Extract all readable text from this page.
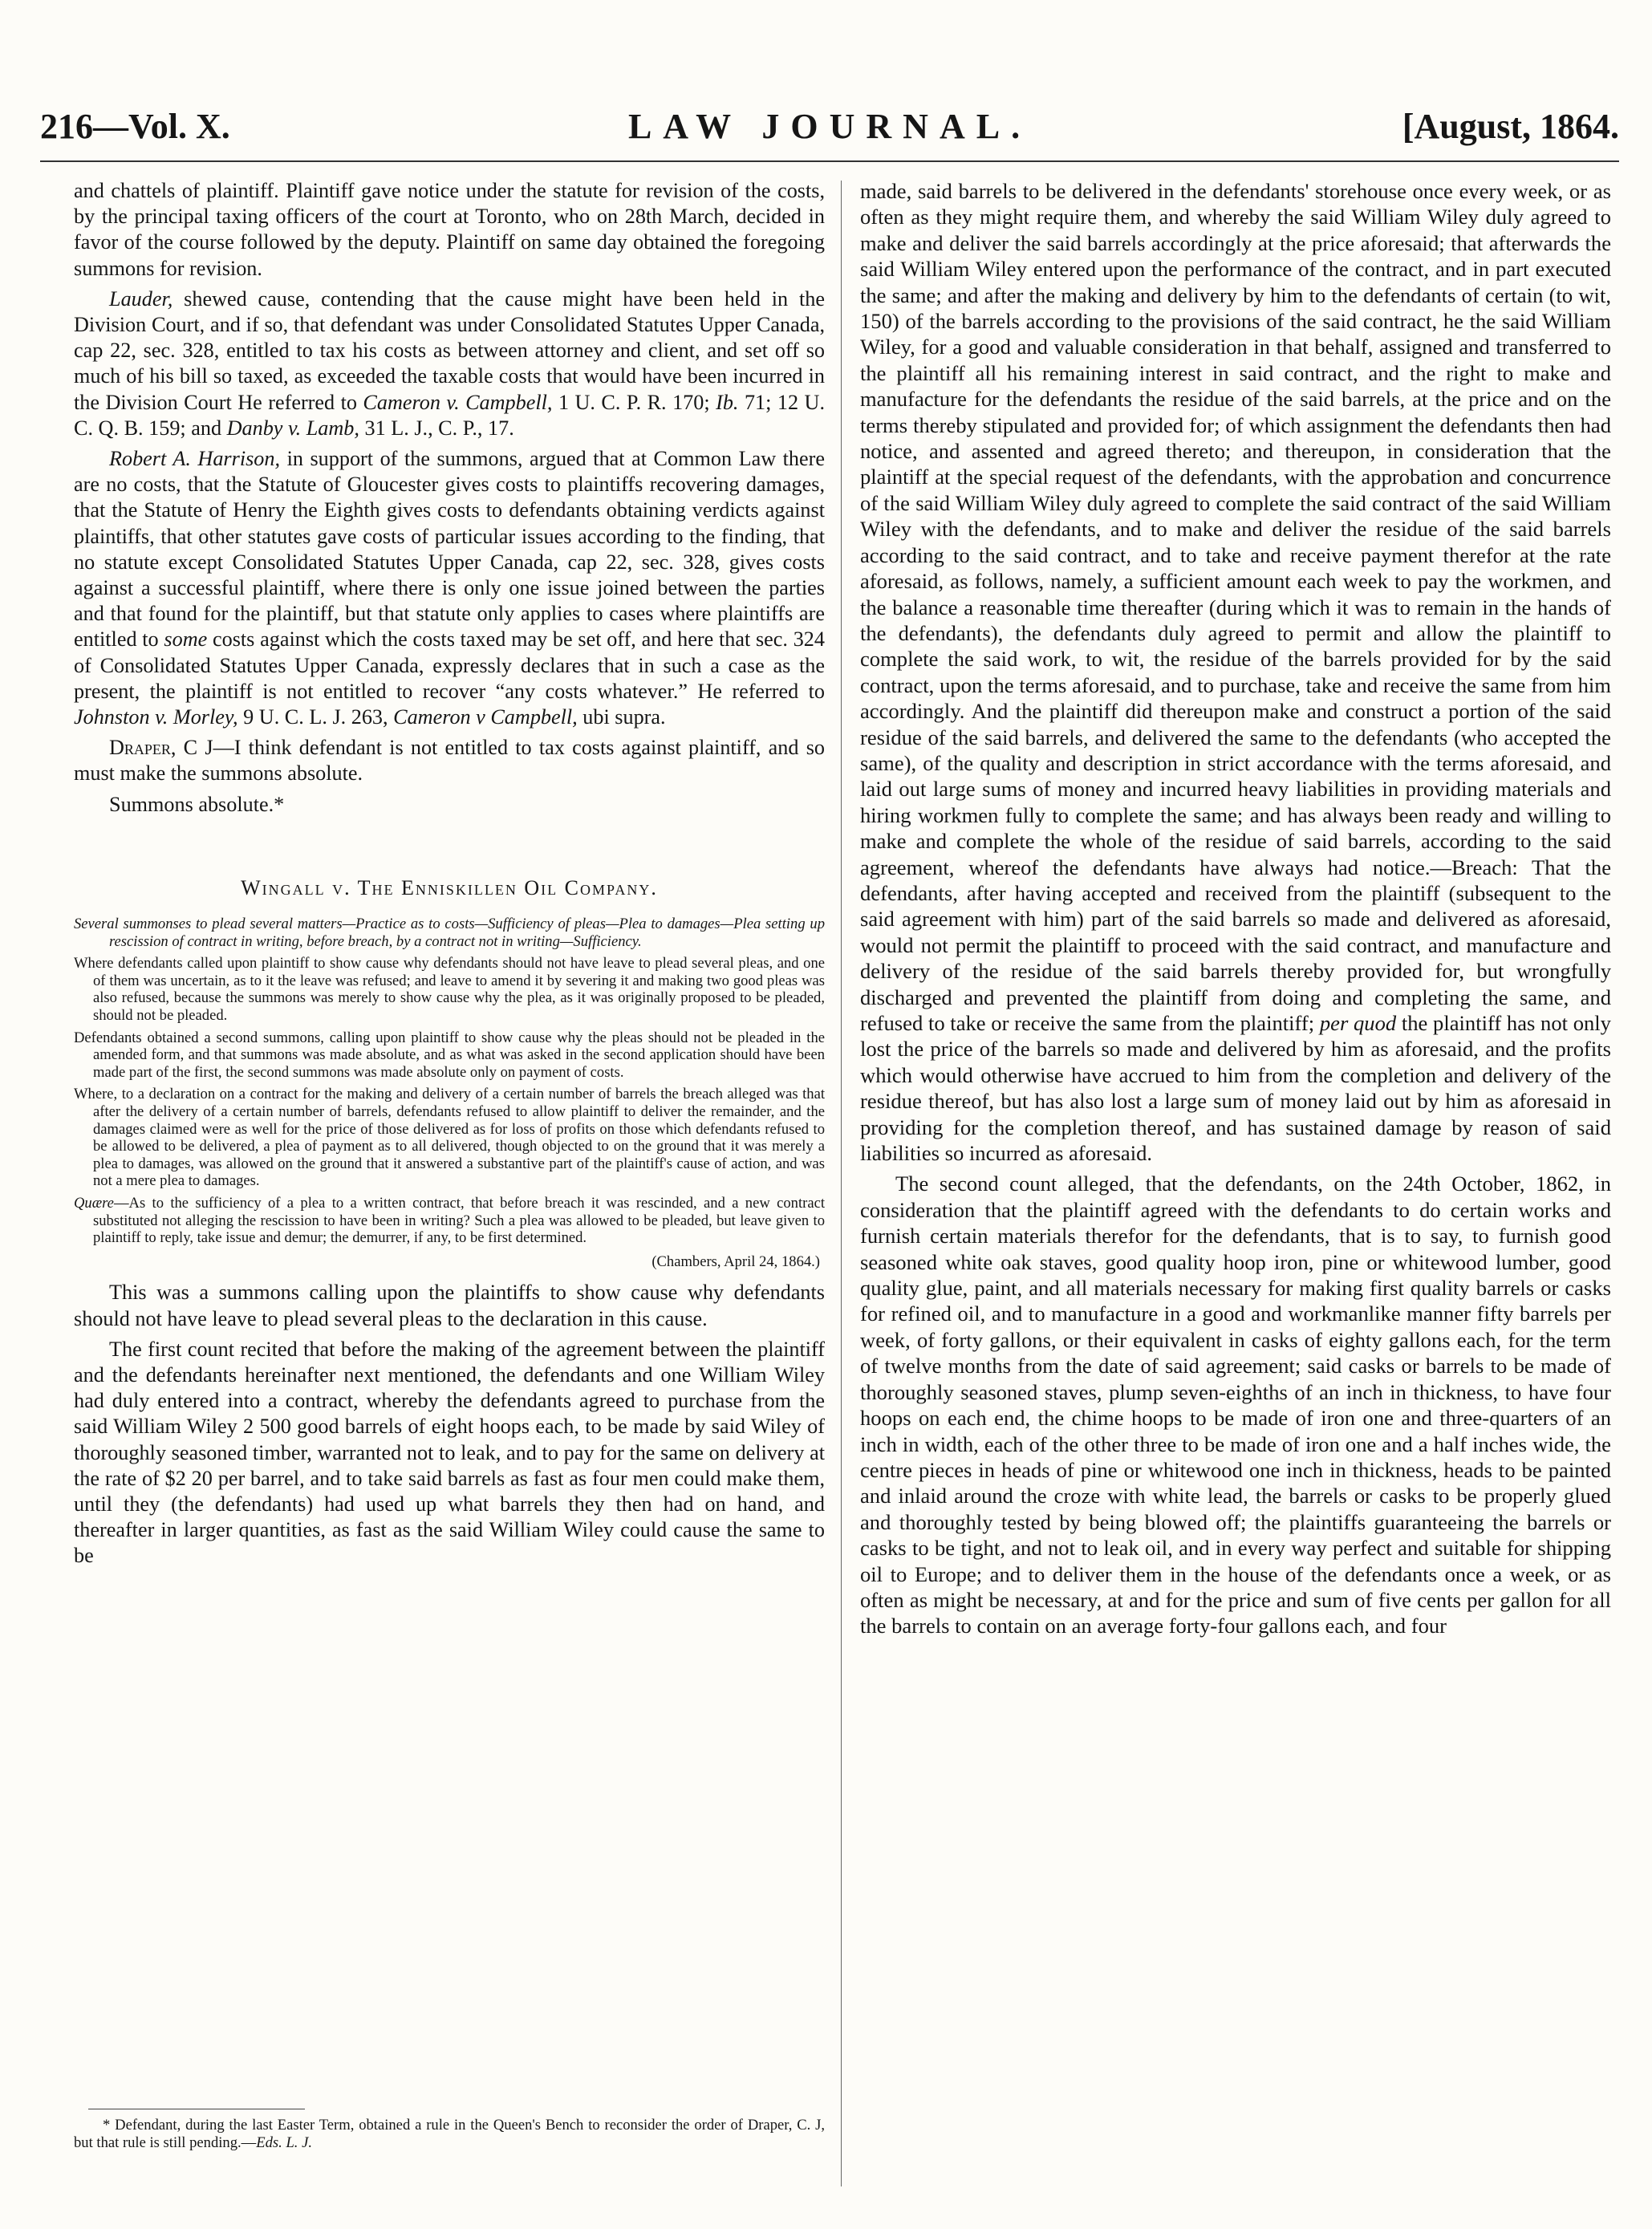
216—Vol. X.	LAW JOURNAL.	[August, 1864.

and chattels of plaintiff. Plaintiff gave notice under the statute for revision of the costs, by the principal taxing officers of the court at Toronto, who on 28th March, decided in favor of the course followed by the deputy. Plaintiff on same day obtained the foregoing summons for revision.

Lauder, shewed cause, contending that the cause might have been held in the Division Court, and if so, that defendant was under Consolidated Statutes Upper Canada, cap 22, sec. 328, entitled to tax his costs as between attorney and client, and set off so much of his bill so taxed, as exceeded the taxable costs that would have been incurred in the Division Court He referred to Cameron v. Campbell, 1 U. C. P. R. 170; Ib. 71; 12 U. C. Q. B. 159; and Danby v. Lamb, 31 L. J., C. P., 17.

Robert A. Harrison, in support of the summons, argued that at Common Law there are no costs, that the Statute of Gloucester gives costs to plaintiffs recovering damages, that the Statute of Henry the Eighth gives costs to defendants obtaining verdicts against plaintiffs, that other statutes gave costs of particular issues according to the finding, that no statute except Consolidated Statutes Upper Canada, cap 22, sec. 328, gives costs against a successful plaintiff, where there is only one issue joined between the parties and that found for the plaintiff, but that statute only applies to cases where plaintiffs are entitled to some costs against which the costs taxed may be set off, and here that sec. 324 of Consolidated Statutes Upper Canada, expressly declares that in such a case as the present, the plaintiff is not entitled to recover “any costs whatever.” He referred to Johnston v. Morley, 9 U. C. L. J. 263, Cameron v Campbell, ubi supra.

Draper, C J—I think defendant is not entitled to tax costs against plaintiff, and so must make the summons absolute.

Summons absolute.*

Wingall v. The Enniskillen Oil Company.
Several summonses to plead several matters—Practice as to costs—Sufficiency of pleas—Plea to damages—Plea setting up rescission of contract in writing, before breach, by a contract not in writing—Sufficiency.
Where defendants called upon plaintiff to show cause why defendants should not have leave to plead several pleas, and one of them was uncertain, as to it the leave was refused; and leave to amend it by severing it and making two good pleas was also refused, because the summons was merely to show cause why the plea, as it was originally proposed to be pleaded, should not be pleaded.
Defendants obtained a second summons, calling upon plaintiff to show cause why the pleas should not be pleaded in the amended form, and that summons was made absolute, and as what was asked in the second application should have been made part of the first, the second summons was made absolute only on payment of costs.
Where, to a declaration on a contract for the making and delivery of a certain number of barrels the breach alleged was that after the delivery of a certain number of barrels, defendants refused to allow plaintiff to deliver the remainder, and the damages claimed were as well for the price of those delivered as for loss of profits on those which defendants refused to be allowed to be delivered, a plea of payment as to all delivered, though objected to on the ground that it was merely a plea to damages, was allowed on the ground that it answered a substantive part of the plaintiff's cause of action, and was not a mere plea to damages.
Quære—As to the sufficiency of a plea to a written contract, that before breach it was rescinded, and a new contract substituted not alleging the rescission to have been in writing? Such a plea was allowed to be pleaded, but leave given to plaintiff to reply, take issue and demur; the demurrer, if any, to be first determined.
(Chambers, April 24, 1864.)

This was a summons calling upon the plaintiffs to show cause why defendants should not have leave to plead several pleas to the declaration in this cause.

The first count recited that before the making of the agreement between the plaintiff and the defendants hereinafter next mentioned, the defendants and one William Wiley had duly entered into a contract, whereby the defendants agreed to purchase from the said William Wiley 2 500 good barrels of eight hoops each, to be made by said Wiley of thoroughly seasoned timber, warranted not to leak, and to pay for the same on delivery at the rate of $2 20 per barrel, and to take said barrels as fast as four men could make them, until they (the defendants) had used up what barrels they then had on hand, and thereafter in larger quantities, as fast as the said William Wiley could cause the same to be

made, said barrels to be delivered in the defendants' storehouse once every week, or as often as they might require them, and whereby the said William Wiley duly agreed to make and deliver the said barrels accordingly at the price aforesaid; that afterwards the said William Wiley entered upon the performance of the contract, and in part executed the same; and after the making and delivery by him to the defendants of certain (to wit, 150) of the barrels according to the provisions of the said contract, he the said William Wiley, for a good and valuable consideration in that behalf, assigned and transferred to the plaintiff all his remaining interest in said contract, and the right to make and manufacture for the defendants the residue of the said barrels, at the price and on the terms thereby stipulated and provided for; of which assignment the defendants then had notice, and assented and agreed thereto; and thereupon, in consideration that the plaintiff at the special request of the defendants, with the approbation and concurrence of the said William Wiley duly agreed to complete the said contract of the said William Wiley with the defendants, and to make and deliver the residue of the said barrels according to the said contract, and to take and receive payment therefor at the rate aforesaid, as follows, namely, a sufficient amount each week to pay the workmen, and the balance a reasonable time thereafter (during which it was to remain in the hands of the defendants), the defendants duly agreed to permit and allow the plaintiff to complete the said work, to wit, the residue of the barrels provided for by the said contract, upon the terms aforesaid, and to purchase, take and receive the same from him accordingly. And the plaintiff did thereupon make and construct a portion of the said residue of the said barrels, and delivered the same to the defendants (who accepted the same), of the quality and description in strict accordance with the terms aforesaid, and laid out large sums of money and incurred heavy liabilities in providing materials and hiring workmen fully to complete the same; and has always been ready and willing to make and complete the whole of the residue of said barrels, according to the said agreement, whereof the defendants have always had notice.—Breach: That the defendants, after having accepted and received from the plaintiff (subsequent to the said agreement with him) part of the said barrels so made and delivered as aforesaid, would not permit the plaintiff to proceed with the said contract, and manufacture and delivery of the residue of the said barrels thereby provided for, but wrongfully discharged and prevented the plaintiff from doing and completing the same, and refused to take or receive the same from the plaintiff; per quod the plaintiff has not only lost the price of the barrels so made and delivered by him as aforesaid, and the profits which would otherwise have accrued to him from the completion and delivery of the residue thereof, but has also lost a large sum of money laid out by him as aforesaid in providing for the completion thereof, and has sustained damage by reason of said liabilities so incurred as aforesaid.

The second count alleged, that the defendants, on the 24th October, 1862, in consideration that the plaintiff agreed with the defendants to do certain works and furnish certain materials therefor for the defendants, that is to say, to furnish good seasoned white oak staves, good quality hoop iron, pine or whitewood lumber, good quality glue, paint, and all materials necessary for making first quality barrels or casks for refined oil, and to manufacture in a good and workmanlike manner fifty barrels per week, of forty gallons, or their equivalent in casks of eighty gallons each, for the term of twelve months from the date of said agreement; said casks or barrels to be made of thoroughly seasoned staves, plump seven-eighths of an inch in thickness, to have four hoops on each end, the chime hoops to be made of iron one and three-quarters of an inch in width, each of the other three to be made of iron one and a half inches wide, the centre pieces in heads of pine or whitewood one inch in thickness, heads to be painted and inlaid around the croze with white lead, the barrels or casks to be properly glued and thoroughly tested by being blowed off; the plaintiffs guaranteeing the barrels or casks to be tight, and not to leak oil, and in every way perfect and suitable for shipping oil to Europe; and to deliver them in the house of the defendants once a week, or as often as might be necessary, at and for the price and sum of five cents per gallon for all the barrels to contain on an average forty-four gallons each, and four

* Defendant, during the last Easter Term, obtained a rule in the Queen's Bench to reconsider the order of Draper, C. J, but that rule is still pending.—Eds. L. J.
